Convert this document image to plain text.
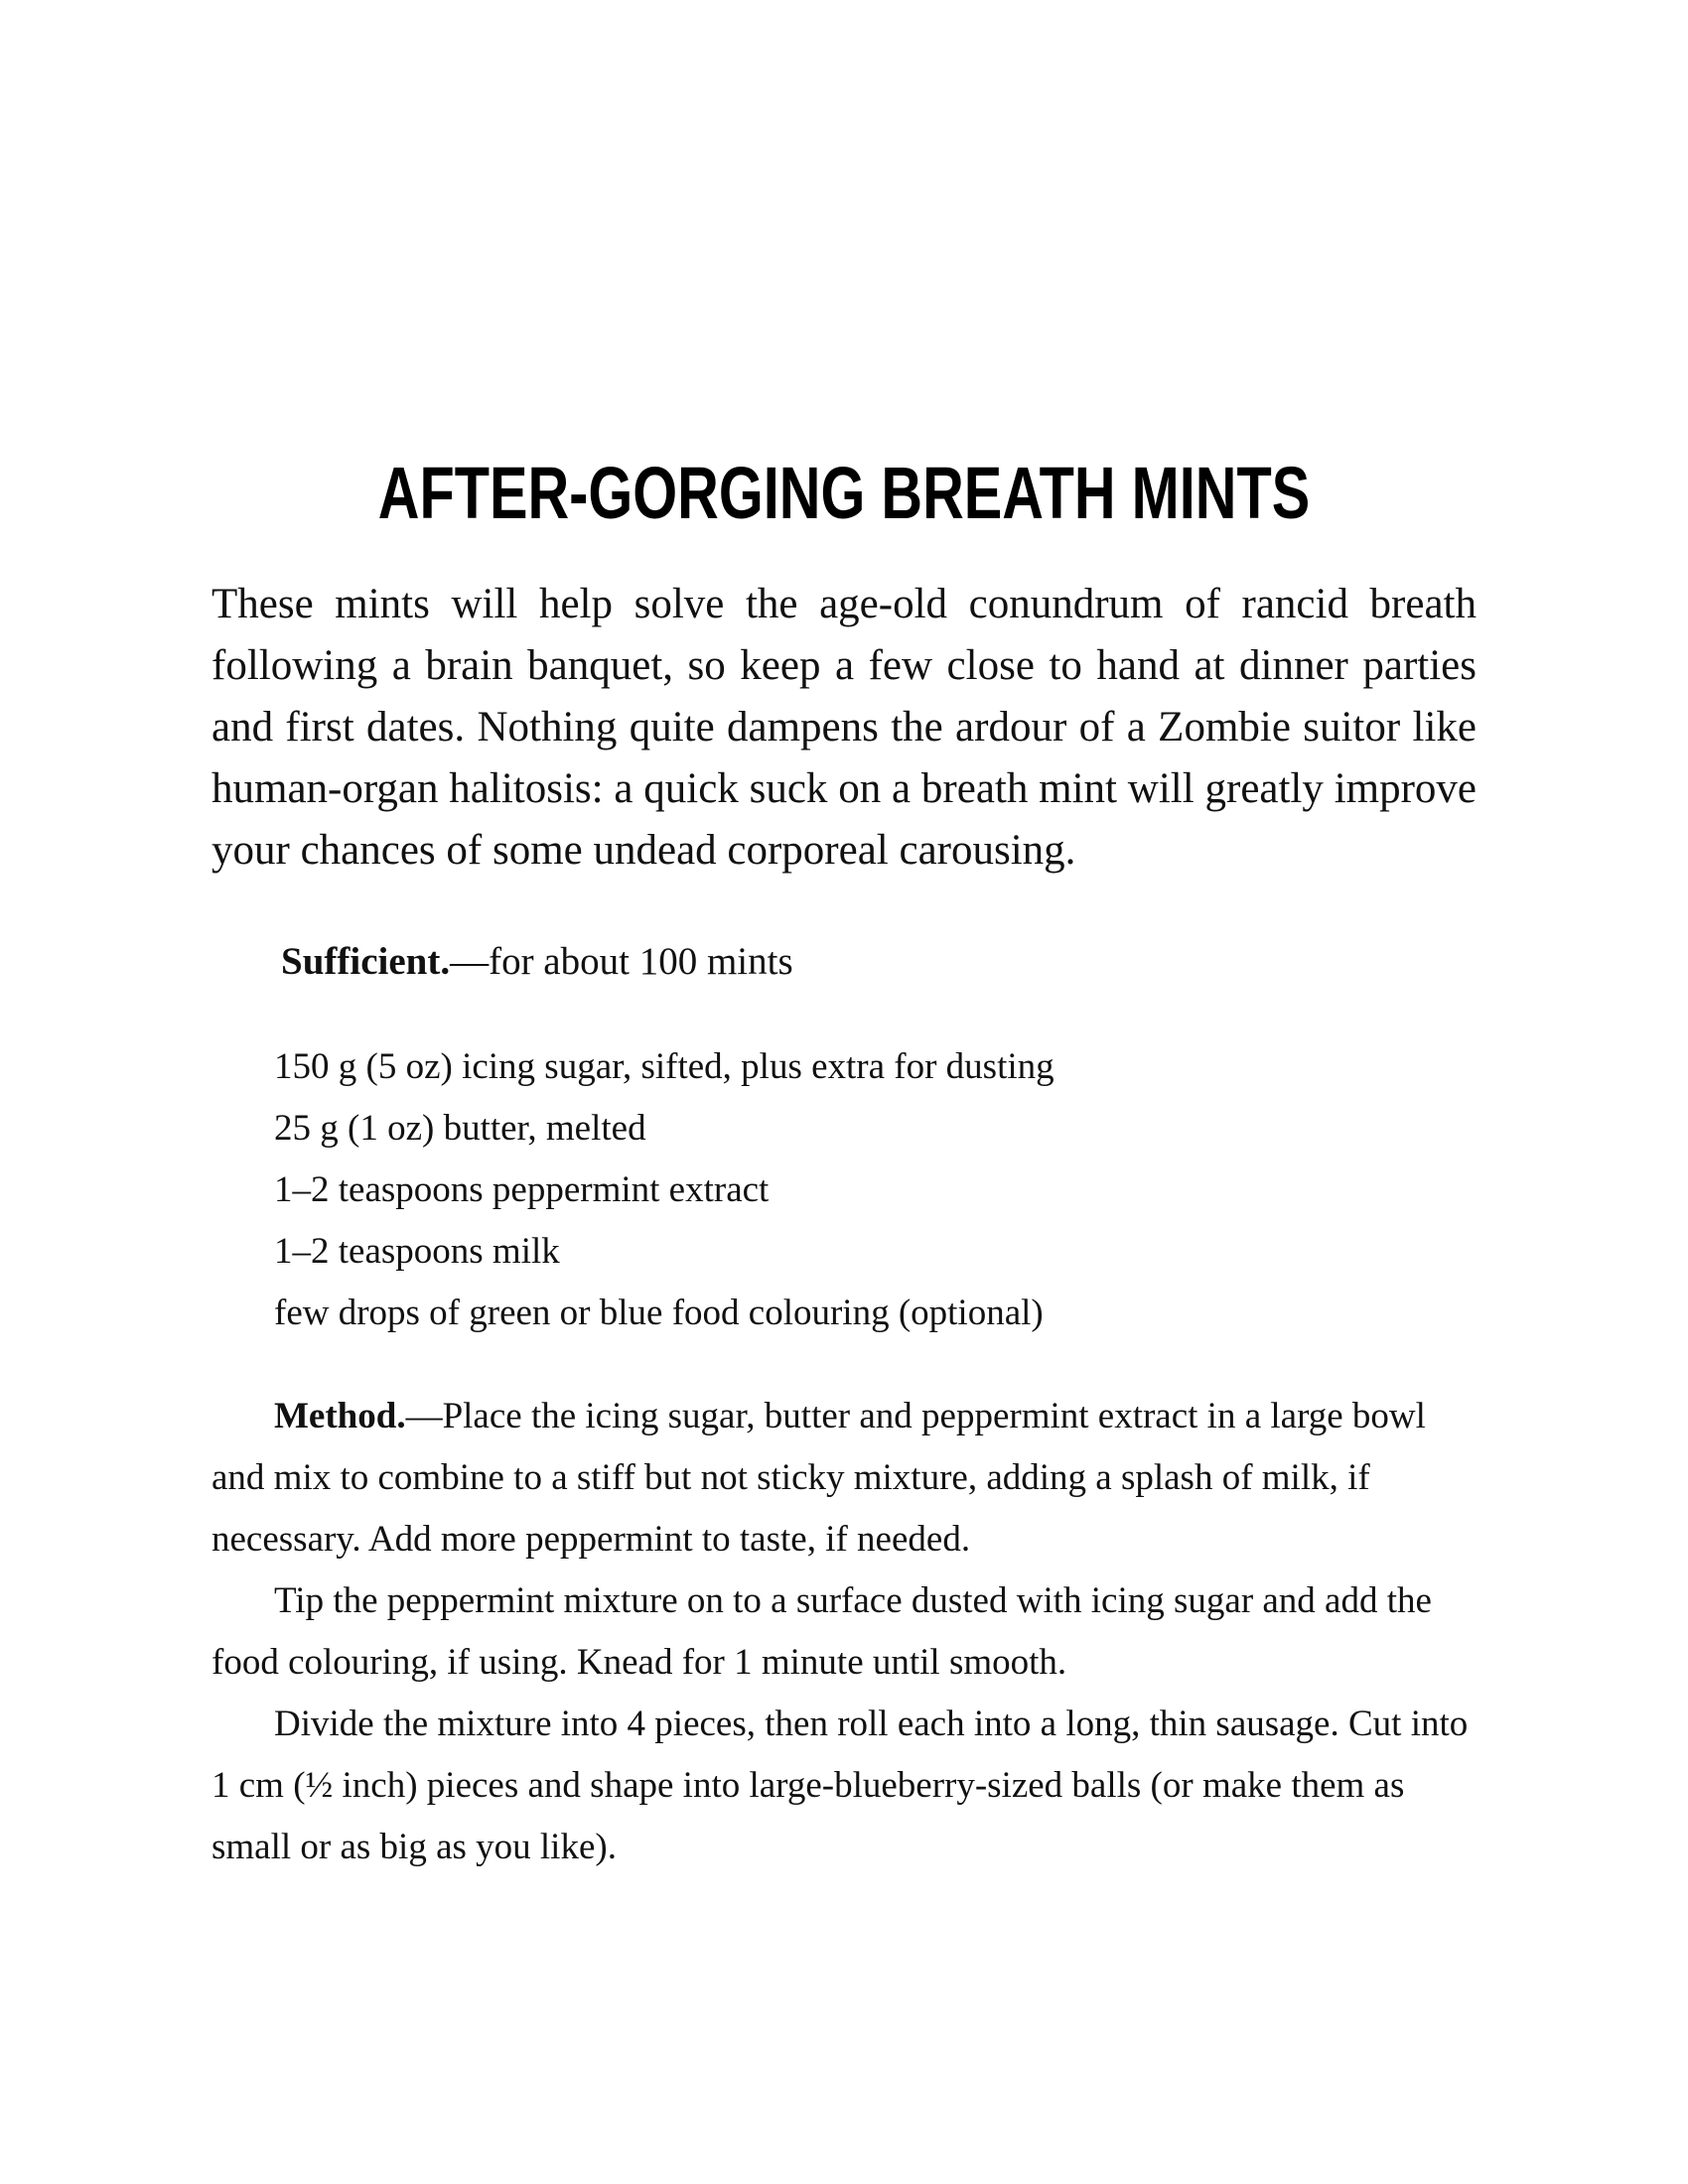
AFTER-GORGING BREATH MINTS

These mints will help solve the age-old conundrum of rancid breath following a brain banquet, so keep a few close to hand at dinner parties and first dates. Nothing quite dampens the ardour of a Zombie suitor like human-organ halitosis: a quick suck on a breath mint will greatly improve your chances of some undead corporeal carousing.

Sufficient.—for about 100 mints

150 g (5 oz) icing sugar, sifted, plus extra for dusting
25 g (1 oz) butter, melted
1–2 teaspoons peppermint extract
1–2 teaspoons milk
few drops of green or blue food colouring (optional)

Method.—Place the icing sugar, butter and peppermint extract in a large bowl and mix to combine to a stiff but not sticky mixture, adding a splash of milk, if necessary. Add more peppermint to taste, if needed.

Tip the peppermint mixture on to a surface dusted with icing sugar and add the food colouring, if using. Knead for 1 minute until smooth.

Divide the mixture into 4 pieces, then roll each into a long, thin sausage. Cut into 1 cm (½ inch) pieces and shape into large-blueberry-sized balls (or make them as small or as big as you like).
